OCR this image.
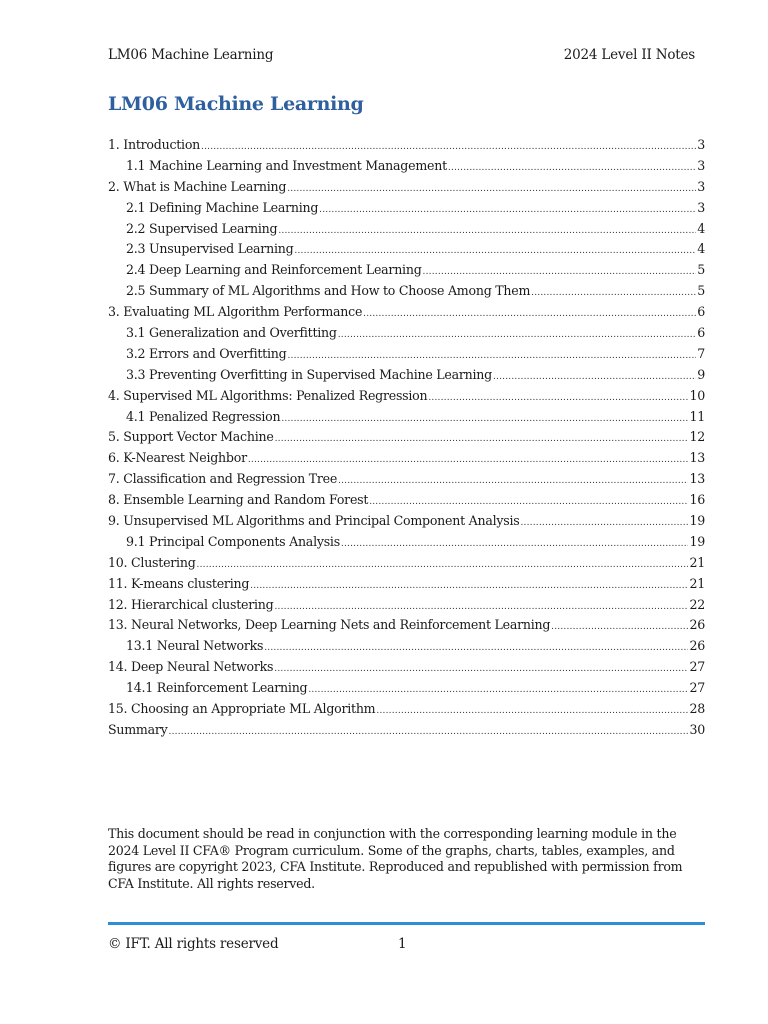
LM06 Machine Learning	2024 Level II Notes
LM06 Machine Learning
1. Introduction .....	3
1.1 Machine Learning and Investment Management .....	3
2. What is Machine Learning .....	3
2.1 Defining Machine Learning .....	3
2.2 Supervised Learning .....	4
2.3 Unsupervised Learning .....	4
2.4 Deep Learning and Reinforcement Learning .....	5
2.5 Summary of ML Algorithms and How to Choose Among Them .....	5
3. Evaluating ML Algorithm Performance .....	6
3.1 Generalization and Overfitting .....	6
3.2 Errors and Overfitting .....	7
3.3 Preventing Overfitting in Supervised Machine Learning .....	9
4. Supervised ML Algorithms: Penalized Regression .....	10
4.1 Penalized Regression .....	11
5. Support Vector Machine .....	12
6. K-Nearest Neighbor .....	13
7. Classification and Regression Tree .....	13
8. Ensemble Learning and Random Forest .....	16
9. Unsupervised ML Algorithms and Principal Component Analysis .....	19
9.1 Principal Components Analysis .....	19
10. Clustering .....	21
11. K-means clustering .....	21
12. Hierarchical clustering .....	22
13. Neural Networks, Deep Learning Nets and Reinforcement Learning .....	26
13.1 Neural Networks .....	26
14. Deep Neural Networks .....	27
14.1 Reinforcement Learning .....	27
15. Choosing an Appropriate ML Algorithm .....	28
Summary .....	30

This document should be read in conjunction with the corresponding learning module in the 2024 Level II CFA® Program curriculum. Some of the graphs, charts, tables, examples, and figures are copyright 2023, CFA Institute. Reproduced and republished with permission from CFA Institute. All rights reserved.

© IFT. All rights reserved	1
